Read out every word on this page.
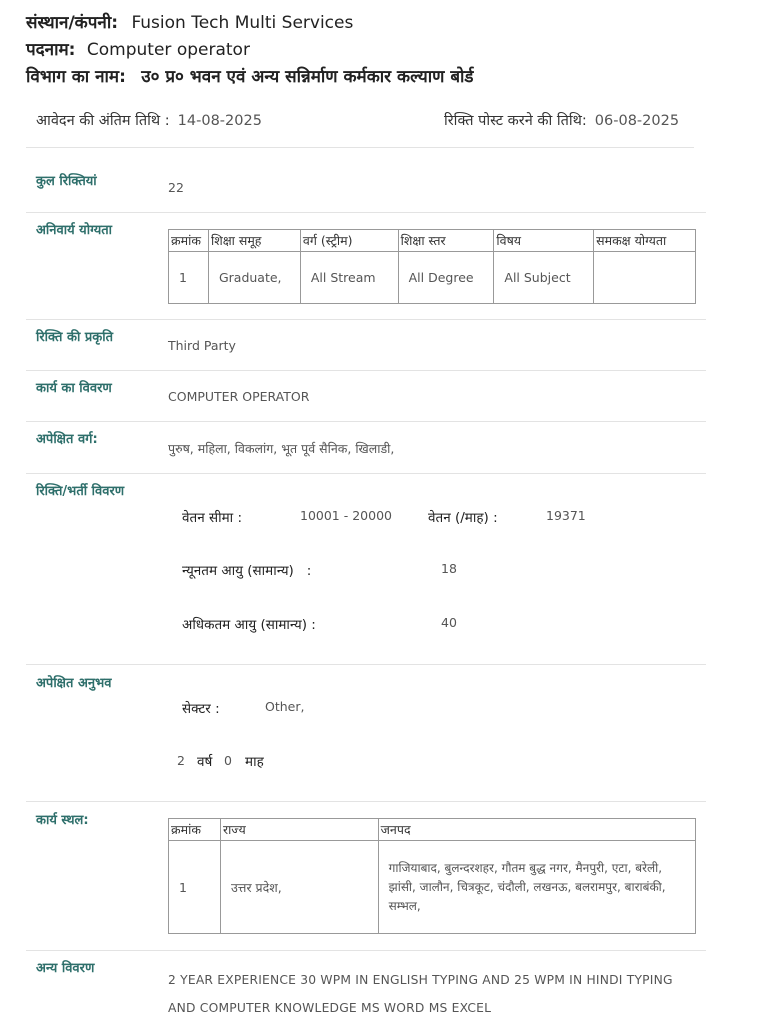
संस्थान/कंपनी: Fusion Tech Multi Services
पदनाम: Computer operator
विभाग का नाम: उ० प्र० भवन एवं अन्य सन्निर्माण कर्मकार कल्याण बोर्ड
आवेदन की अंतिम तिथि : 14-08-2025	रिक्ति पोस्ट करने की तिथि: 06-08-2025
कुल रिक्तियां	22
अनिवार्य योग्यता
क्रमांक	शिक्षा समूह	वर्ग (स्ट्रीम)	शिक्षा स्तर	विषय	समकक्ष योग्यता
1	Graduate,	All Stream	All Degree	All Subject	
रिक्ति की प्रकृति
Third Party
कार्य का विवरण
COMPUTER OPERATOR
अपेक्षित वर्ग:
पुरुष, महिला, विकलांग, भूत पूर्व सैनिक, खिलाडी,
रिक्ति/भर्ती विवरण
वेतन सीमा :	10001 - 20000	वेतन (/माह) :	19371
न्यूनतम आयु (सामान्य)   :	18
अधिकतम आयु (सामान्य) :	40
अपेक्षित अनुभव
सेक्टर :	Other,
2 वर्ष 0 माह
कार्य स्थल:
क्रमांक	राज्य	जनपद
1	उत्तर प्रदेश,	गाजियाबाद, बुलन्दरशहर, गौतम बुद्ध नगर, मैनपुरी, एटा, बरेली, झांसी, जालौन, चित्रकूट, चंदौली, लखनऊ, बलरामपुर, बाराबंकी, सम्भल,
अन्य विवरण
2 YEAR EXPERIENCE 30 WPM IN ENGLISH TYPING AND 25 WPM IN HINDI TYPING AND COMPUTER KNOWLEDGE MS WORD MS EXCEL
